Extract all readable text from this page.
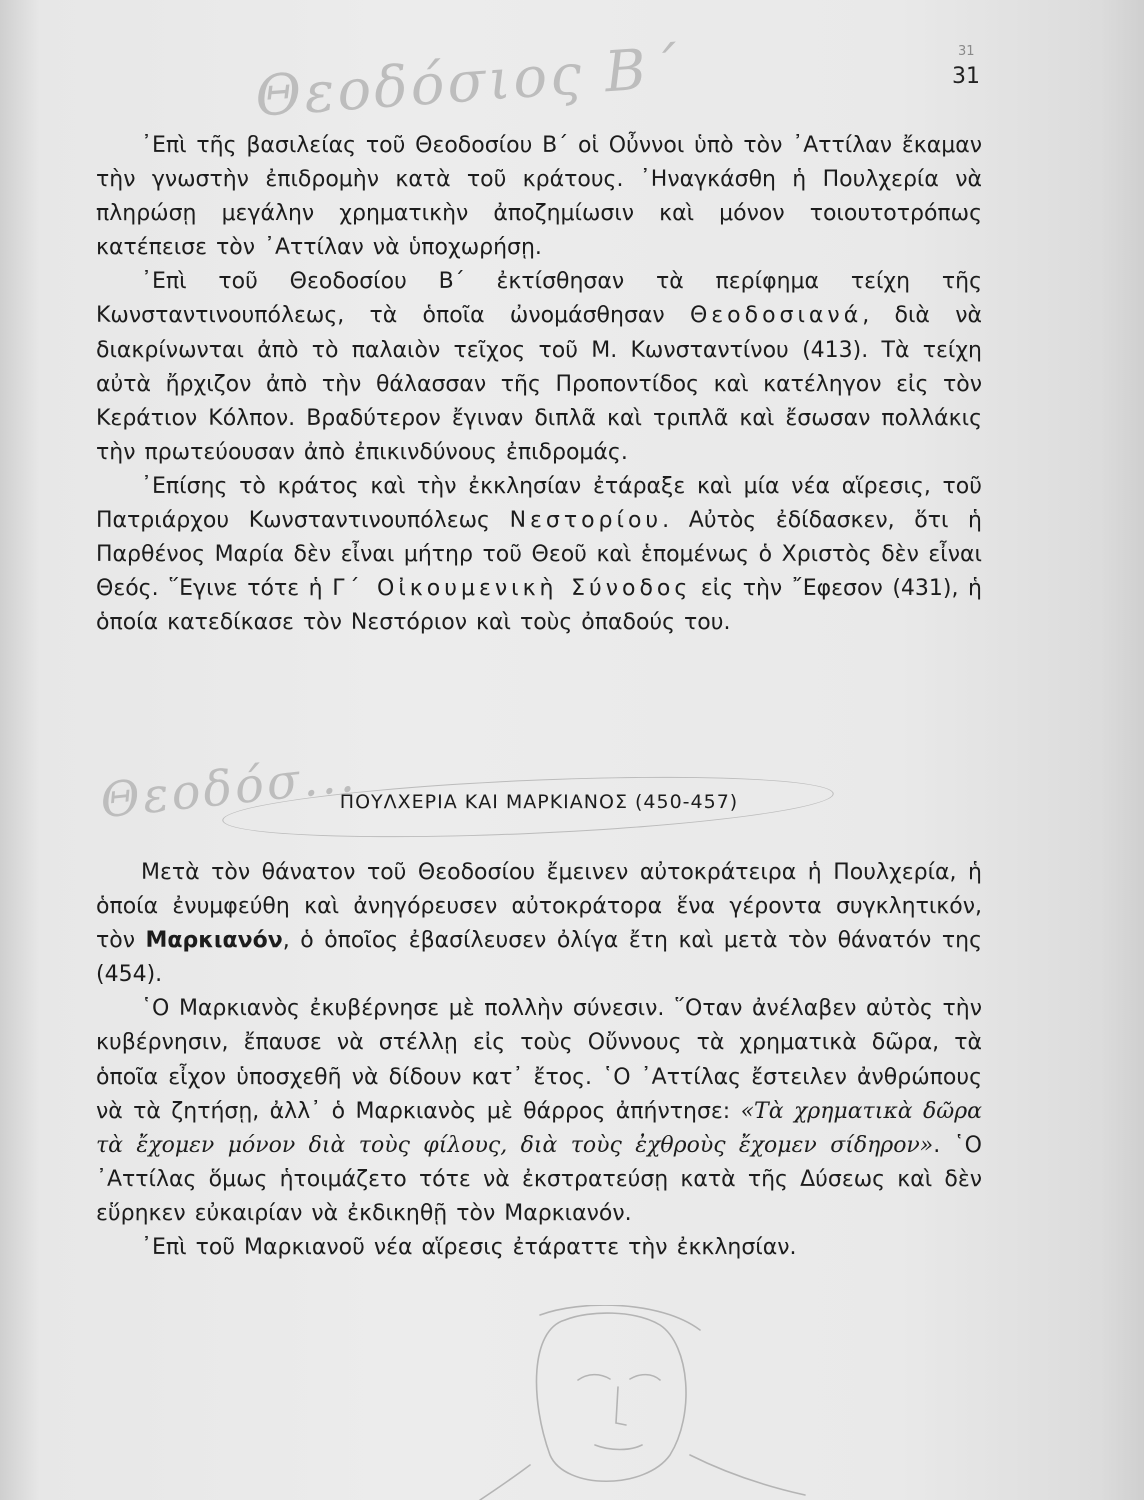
Θεοδόσιος Β΄	31
31

᾿Επὶ τῆς βασιλείας τοῦ Θεοδοσίου Β΄ οἱ Οὖννοι ὑπὸ τὸν ᾿Αττίλαν ἔκαμαν τὴν γνωστὴν ἐπιδρομὴν κατὰ τοῦ κράτους. ᾿Ηναγκάσθη ἡ Πουλχερία νὰ πληρώσῃ μεγάλην χρηματικὴν ἀποζημίωσιν καὶ μόνον τοιουτοτρόπως κατέπεισε τὸν ᾿Αττίλαν νὰ ὑποχωρήσῃ.

᾿Επὶ τοῦ Θεοδοσίου Β΄ ἐκτίσθησαν τὰ περίφημα τείχη τῆς Κωνσταντινουπόλεως, τὰ ὁποῖα ὠνομάσθησαν Θεοδοσιανά, διὰ νὰ διακρίνωνται ἀπὸ τὸ παλαιὸν τεῖχος τοῦ Μ. Κωνσταντίνου (413). Τὰ τείχη αὐτὰ ἤρχιζον ἀπὸ τὴν θάλασσαν τῆς Προποντίδος καὶ κατέληγον εἰς τὸν Κεράτιον Κόλπον. Βραδύτερον ἔγιναν διπλᾶ καὶ τριπλᾶ καὶ ἔσωσαν πολλάκις τὴν πρωτεύουσαν ἀπὸ ἐπικινδύνους ἐπιδρομάς.

᾿Επίσης τὸ κράτος καὶ τὴν ἐκκλησίαν ἐτάραξε καὶ μία νέα αἵρεσις, τοῦ Πατριάρχου Κωνσταντινουπόλεως Νεστορίου. Αὐτὸς ἐδίδασκεν, ὅτι ἡ Παρθένος Μαρία δὲν εἶναι μήτηρ τοῦ Θεοῦ καὶ ἑπομένως ὁ Χριστὸς δὲν εἶναι Θεός. ῞Εγινε τότε ἡ Γ΄ Οἰκουμενικὴ Σύνοδος εἰς τὴν ῎Εφεσον (431), ἡ ὁποία κατεδίκασε τὸν Νεστόριον καὶ τοὺς ὀπαδούς του.

Θεοδόσ...
ΠΟΥΛΧΕΡΙΑ ΚΑΙ ΜΑΡΚΙΑΝΟΣ (450-457)

Μετὰ τὸν θάνατον τοῦ Θεοδοσίου ἔμεινεν αὐτοκράτειρα ἡ Πουλχερία, ἡ ὁποία ἐνυμφεύθη καὶ ἀνηγόρευσεν αὐτοκράτορα ἕνα γέροντα συγκλητικόν, τὸν Μαρκιανόν, ὁ ὁποῖος ἐβασίλευσεν ὀλίγα ἔτη καὶ μετὰ τὸν θάνατόν της (454).

῾Ο Μαρκιανὸς ἐκυβέρνησε μὲ πολλὴν σύνεσιν. ῞Οταν ἀνέλαβεν αὐτὸς τὴν κυβέρνησιν, ἔπαυσε νὰ στέλλῃ εἰς τοὺς Οὔννους τὰ χρηματικὰ δῶρα, τὰ ὁποῖα εἶχον ὑποσχεθῆ νὰ δίδουν κατ᾿ ἔτος. ῾Ο ᾿Αττίλας ἔστειλεν ἀνθρώπους νὰ τὰ ζητήσῃ, ἀλλ᾿ ὁ Μαρκιανὸς μὲ θάρρος ἀπήντησε: «Τὰ χρηματικὰ δῶρα τὰ ἔχομεν μόνον διὰ τοὺς φίλους, διὰ τοὺς ἐχθροὺς ἔχομεν σίδηρον». ῾Ο ᾿Αττίλας ὅμως ἡτοιμάζετο τότε νὰ ἐκστρατεύσῃ κατὰ τῆς Δύσεως καὶ δὲν εὕρηκεν εὐκαιρίαν νὰ ἐκδικηθῇ τὸν Μαρκιανόν.

᾿Επὶ τοῦ Μαρκιανοῦ νέα αἵρεσις ἐτάραττε τὴν ἐκκλησίαν.
